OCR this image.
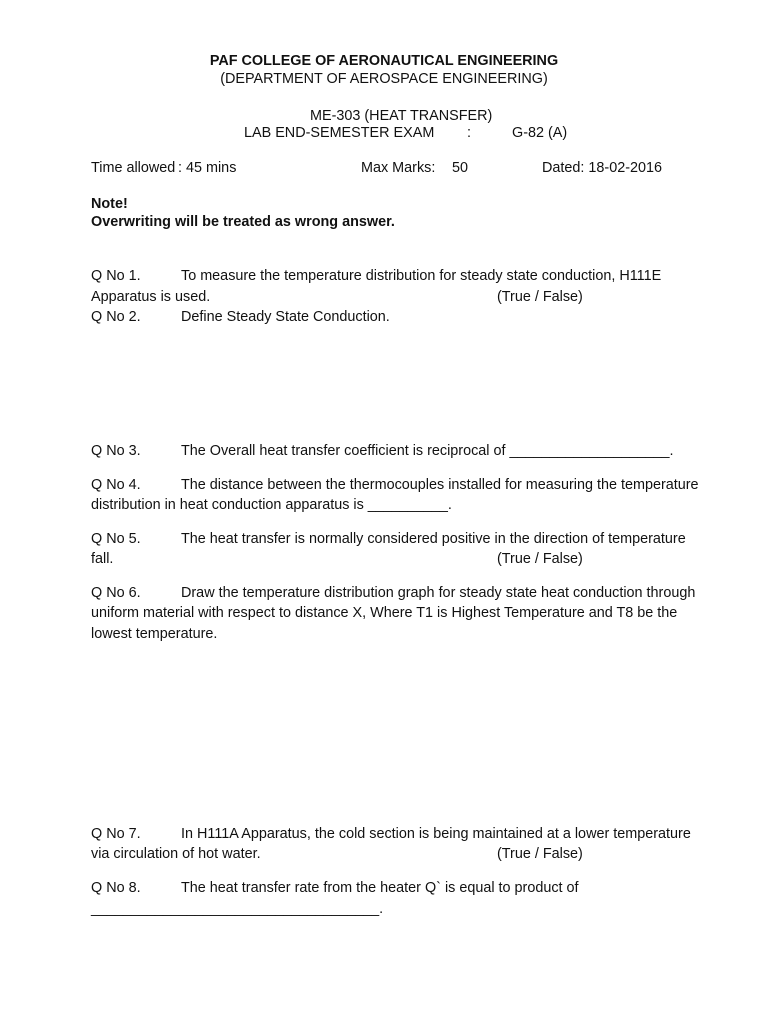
PAF COLLEGE OF AERONAUTICAL ENGINEERING
(DEPARTMENT OF AEROSPACE ENGINEERING)
ME-303 (HEAT TRANSFER)
LAB END-SEMESTER EXAM :	G-82 (A)
Time allowed : 45 mins	Max Marks: 50	Dated: 18-02-2016
Note!
Overwriting will be treated as wrong answer.
Q No 1.	To measure the temperature distribution for steady state conduction, H111E
Apparatus is used.	(True / False)
Q No 2.	Define Steady State Conduction.
Q No 3.	The Overall heat transfer coefficient is reciprocal of ____________________.
Q No 4.	The distance between the thermocouples installed for measuring the temperature
distribution in heat conduction apparatus is __________.
Q No 5.	The heat transfer is normally considered positive in the direction of temperature
fall.	(True / False)
Q No 6.	Draw the temperature distribution graph for steady state heat conduction through
uniform material with respect to distance X, Where T1 is Highest Temperature and T8 be the
lowest temperature.
Q No 7.	In H111A Apparatus, the cold section is being maintained at a lower temperature
via circulation of hot water.	(True / False)
Q No 8.	The heat transfer rate from the heater Q` is equal to product of
____________________________________.
